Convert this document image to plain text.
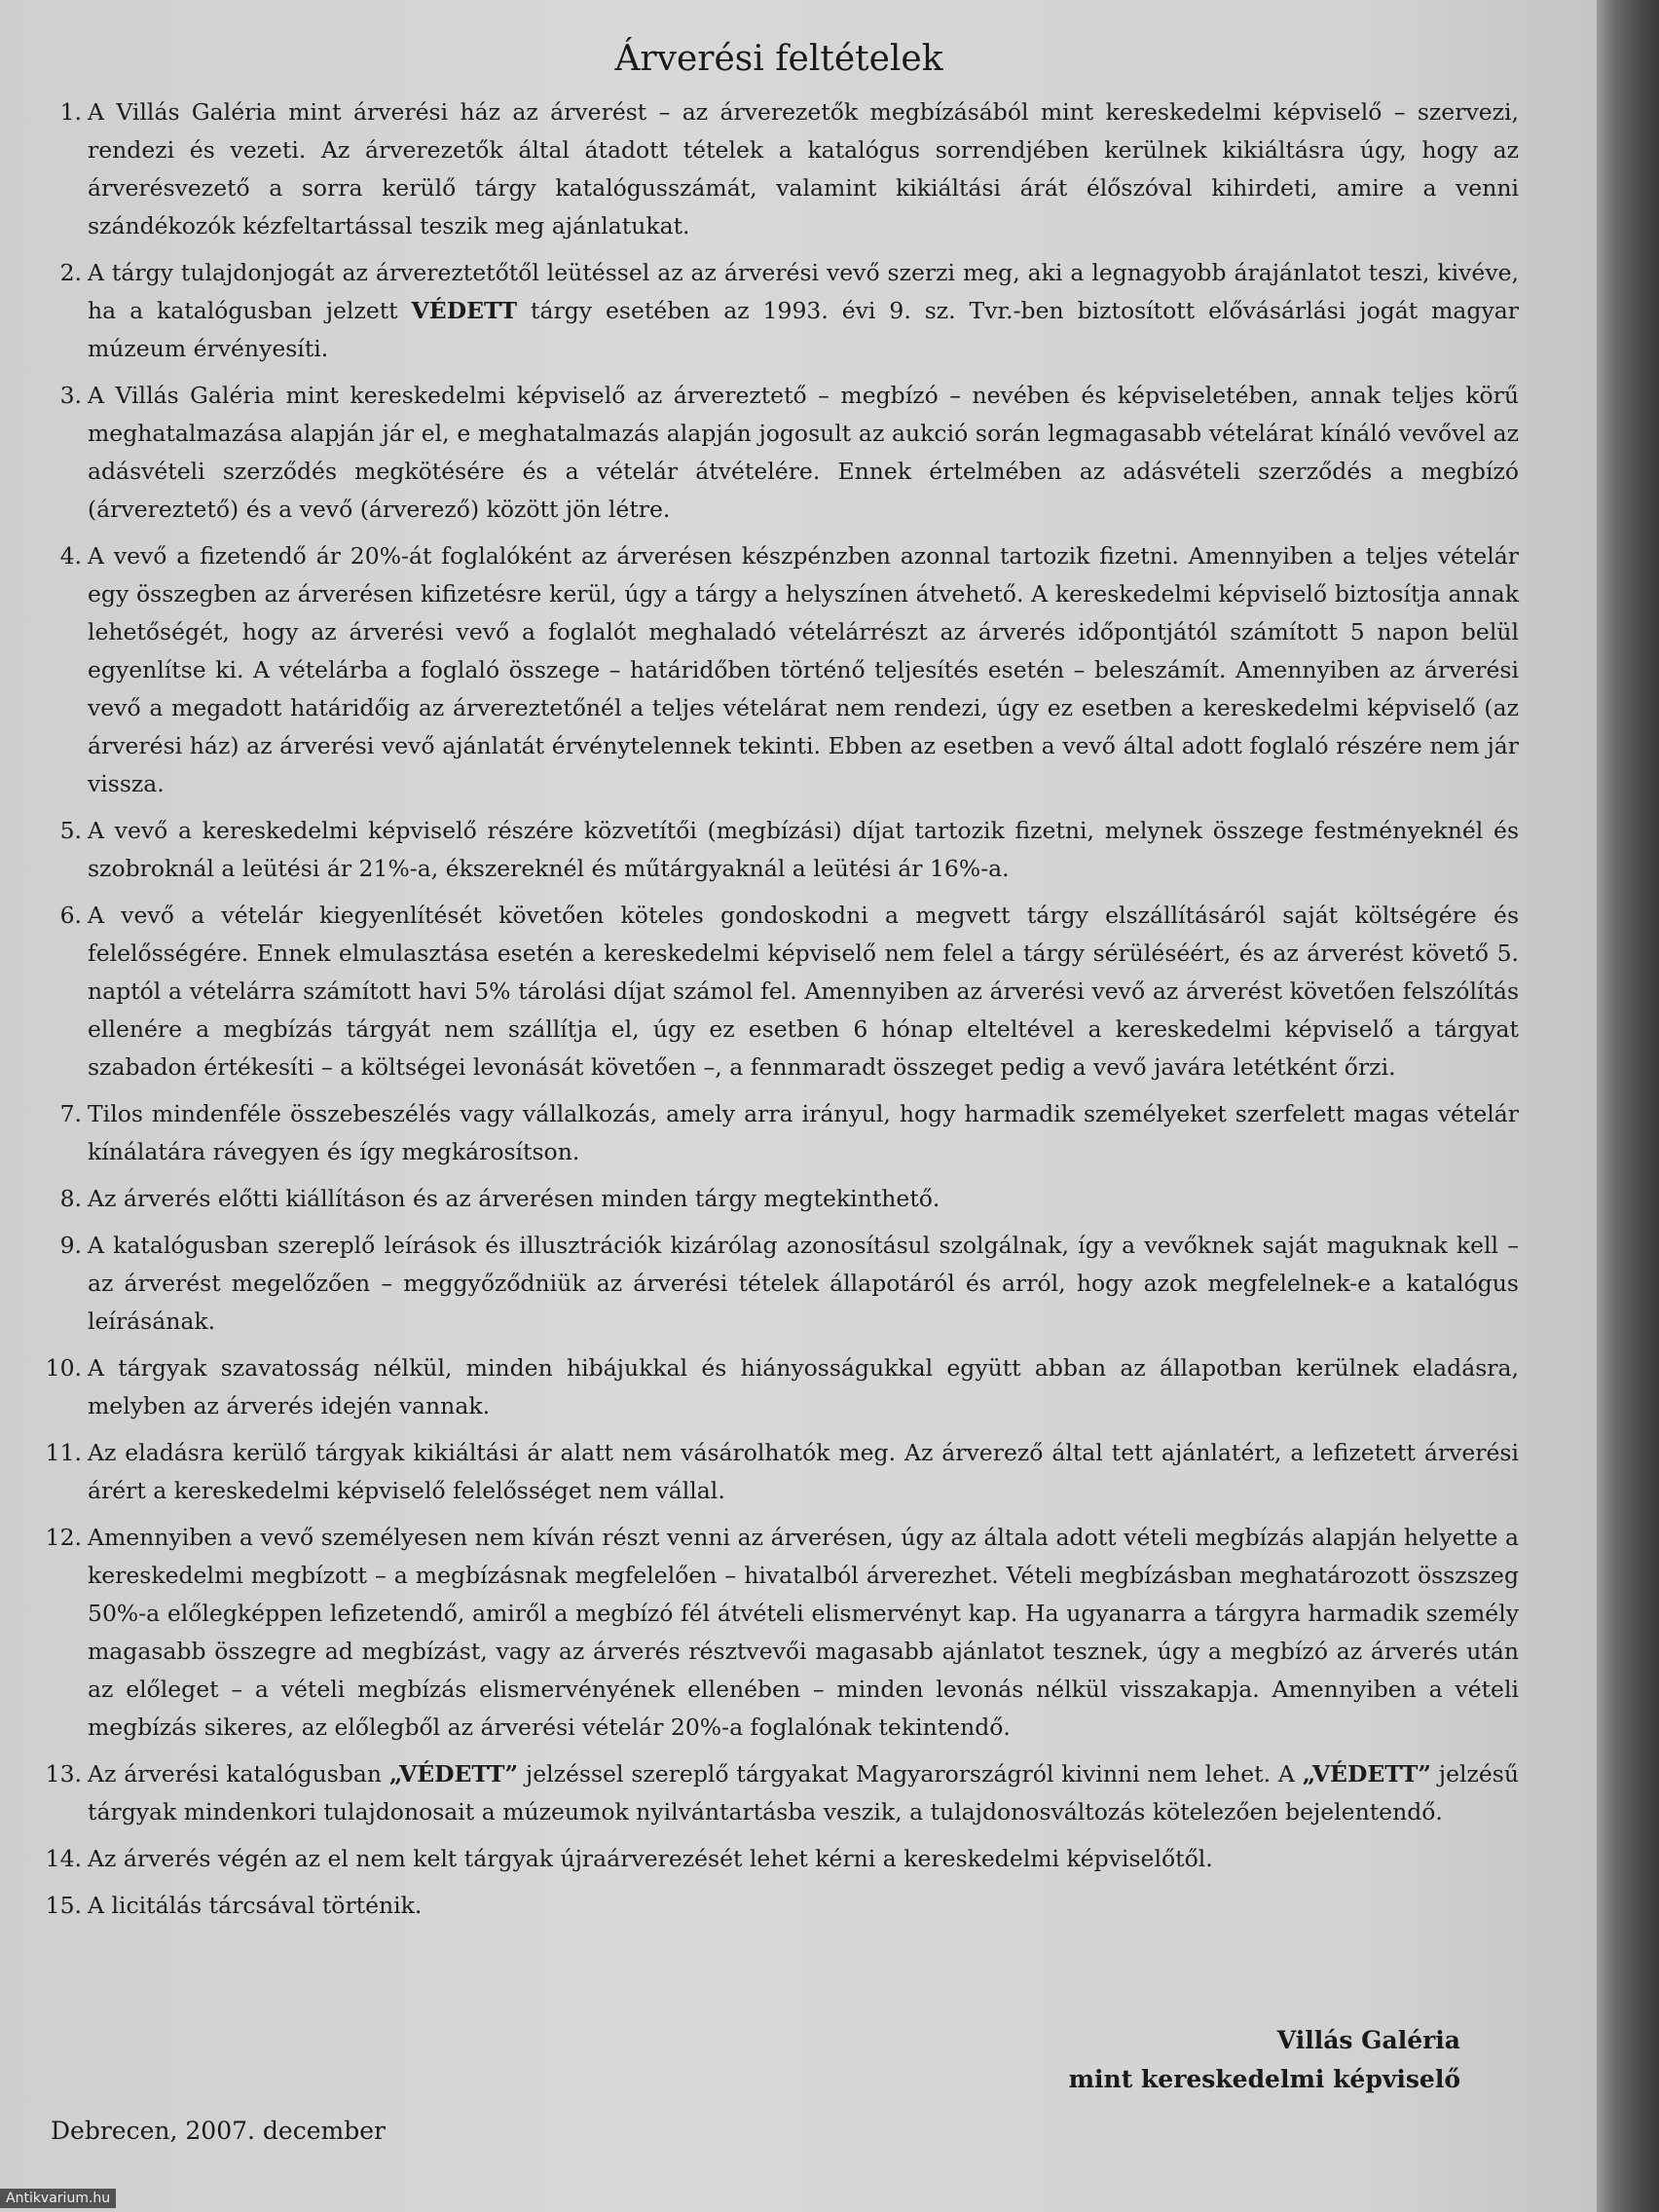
Árverési feltételek
1. A Villás Galéria mint árverési ház az árverést – az árverezetők megbízásából mint kereskedelmi képviselő – szervezi, rendezi és vezeti. Az árverezetők által átadott tételek a katalógus sorrendjében kerülnek kikiáltásra úgy, hogy az árverésvezető a sorra kerülő tárgy katalógusszámát, valamint kikiáltási árát élőszóval kihirdeti, amire a venni szándékozók kézfeltartással teszik meg ajánlatukat.
2. A tárgy tulajdonjogát az árvereztetőtől leütéssel az az árverési vevő szerzi meg, aki a legnagyobb árajánlatot teszi, kivéve, ha a katalógusban jelzett VÉDETT tárgy esetében az 1993. évi 9. sz. Tvr.-ben biztosított elővásárlási jogát magyar múzeum érvényesíti.
3. A Villás Galéria mint kereskedelmi képviselő az árvereztető – megbízó – nevében és képviseletében, annak teljes körű meghatalmazása alapján jár el, e meghatalmazás alapján jogosult az aukció során legmagasabb vételárat kínáló vevővel az adásvételi szerződés megkötésére és a vételár átvételére. Ennek értelmében az adásvételi szerződés a megbízó (árvereztető) és a vevő (árverező) között jön létre.
4. A vevő a fizetendő ár 20%-át foglalóként az árverésen készpénzben azonnal tartozik fizetni. Amennyiben a teljes vételár egy összegben az árverésen kifizetésre kerül, úgy a tárgy a helyszínen átvehető. A kereskedelmi képviselő biztosítja annak lehetőségét, hogy az árverési vevő a foglalót meghaladó vételárrészt az árverés időpontjától számított 5 napon belül egyenlítse ki. A vételárba a foglaló összege – határidőben történő teljesítés esetén – beleszámít. Amennyiben az árverési vevő a megadott határidőig az árvereztetőnél a teljes vételárat nem rendezi, úgy ez esetben a kereskedelmi képviselő (az árverési ház) az árverési vevő ajánlatát érvénytelennek tekinti. Ebben az esetben a vevő által adott foglaló részére nem jár vissza.
5. A vevő a kereskedelmi képviselő részére közvetítői (megbízási) díjat tartozik fizetni, melynek összege festményeknél és szobroknál a leütési ár 21%-a, ékszereknél és műtárgyaknál a leütési ár 16%-a.
6. A vevő a vételár kiegyenlítését követően köteles gondoskodni a megvett tárgy elszállításáról saját költségére és felelősségére. Ennek elmulasztása esetén a kereskedelmi képviselő nem felel a tárgy sérüléséért, és az árverést követő 5. naptól a vételárra számított havi 5% tárolási díjat számol fel. Amennyiben az árverési vevő az árverést követően felszólítás ellenére a megbízás tárgyát nem szállítja el, úgy ez esetben 6 hónap elteltével a kereskedelmi képviselő a tárgyat szabadon értékesíti – a költségei levonását követően –, a fennmaradt összeget pedig a vevő javára letétként őrzi.
7. Tilos mindenféle összebeszélés vagy vállalkozás, amely arra irányul, hogy harmadik személyeket szerfelett magas vételár kínálatára rávegyen és így megkárosítson.
8. Az árverés előtti kiállításon és az árverésen minden tárgy megtekinthető.
9. A katalógusban szereplő leírások és illusztrációk kizárólag azonosításul szolgálnak, így a vevőknek saját maguknak kell – az árverést megelőzően – meggyőződniük az árverési tételek állapotáról és arról, hogy azok megfelelnek-e a katalógus leírásának.
10. A tárgyak szavatosság nélkül, minden hibájukkal és hiányosságukkal együtt abban az állapotban kerülnek eladásra, melyben az árverés idején vannak.
11. Az eladásra kerülő tárgyak kikiáltási ár alatt nem vásárolhatók meg. Az árverező által tett ajánlatért, a lefizetett árverési árért a kereskedelmi képviselő felelősséget nem vállal.
12. Amennyiben a vevő személyesen nem kíván részt venni az árverésen, úgy az általa adott vételi megbízás alapján helyette a kereskedelmi megbízott – a megbízásnak megfelelően – hivatalból árverezhet. Vételi megbízásban meghatározott összszeg 50%-a előlegképpen lefizetendő, amiről a megbízó fél átvételi elismervényt kap. Ha ugyanarra a tárgyra harmadik személy magasabb összegre ad megbízást, vagy az árverés résztvevői magasabb ajánlatot tesznek, úgy a megbízó az árverés után az előleget – a vételi megbízás elismervényének ellenében – minden levonás nélkül visszakapja. Amennyiben a vételi megbízás sikeres, az előlegből az árverési vételár 20%-a foglalónak tekintendő.
13. Az árverési katalógusban „VÉDETT” jelzéssel szereplő tárgyakat Magyarországról kivinni nem lehet. A „VÉDETT” jelzésű tárgyak mindenkori tulajdonosait a múzeumok nyilvántartásba veszik, a tulajdonosváltozás kötelezően bejelentendő.
14. Az árverés végén az el nem kelt tárgyak újraárverezését lehet kérni a kereskedelmi képviselőtől.
15. A licitálás tárcsával történik.
Villás Galéria
mint kereskedelmi képviselő
Debrecen, 2007. december
Antikvarium.hu
